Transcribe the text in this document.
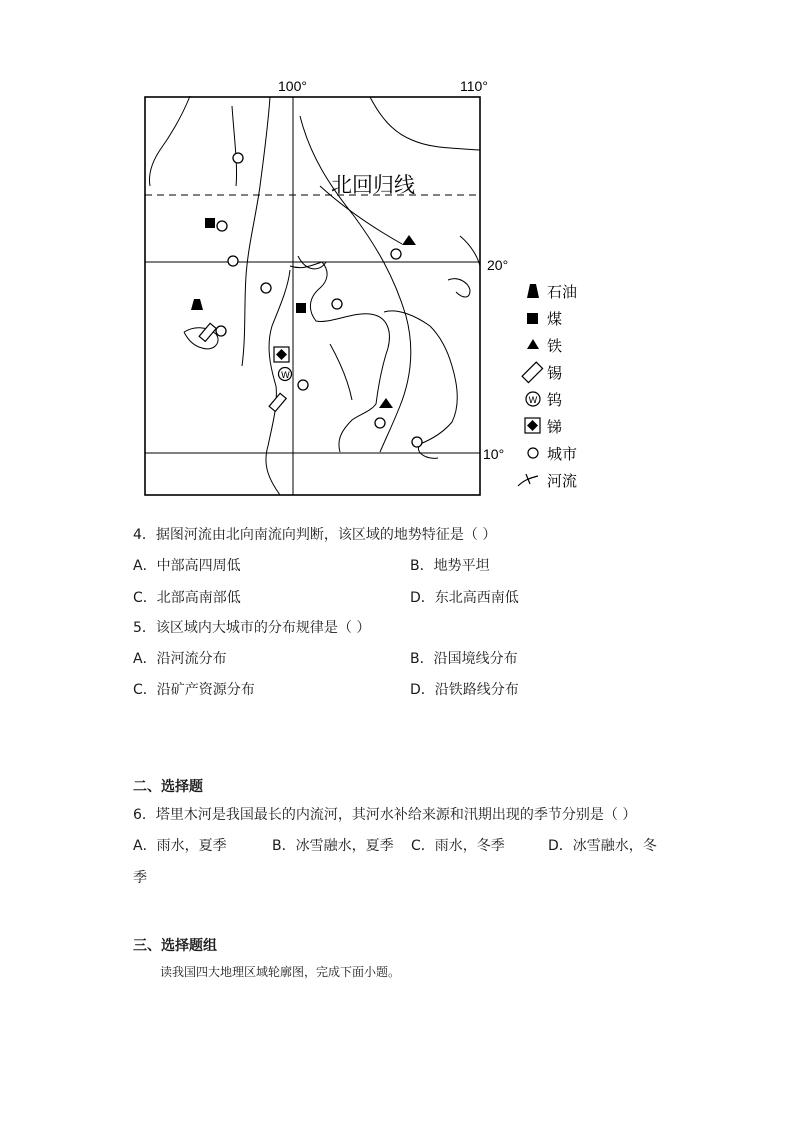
100°	110°
20°
10°
北回归线
W
石油
煤
铁
锡
W 钨
锑
城市
河流
4．据图河流由北向南流向判断，该区域的地势特征是（ ）
A．中部高四周低	B．地势平坦
C．北部高南部低	D．东北高西南低
5．该区域内大城市的分布规律是（ ）
A．沿河流分布	B．沿国境线分布
C．沿矿产资源分布	D．沿铁路线分布
二、选择题
6．塔里木河是我国最长的内流河，其河水补给来源和汛期出现的季节分别是（ ）
A．雨水，夏季	B．冰雪融水，夏季 C．雨水，冬季	D．冰雪融水，冬
季
三、选择题组
读我国四大地理区域轮廓图，完成下面小题。
